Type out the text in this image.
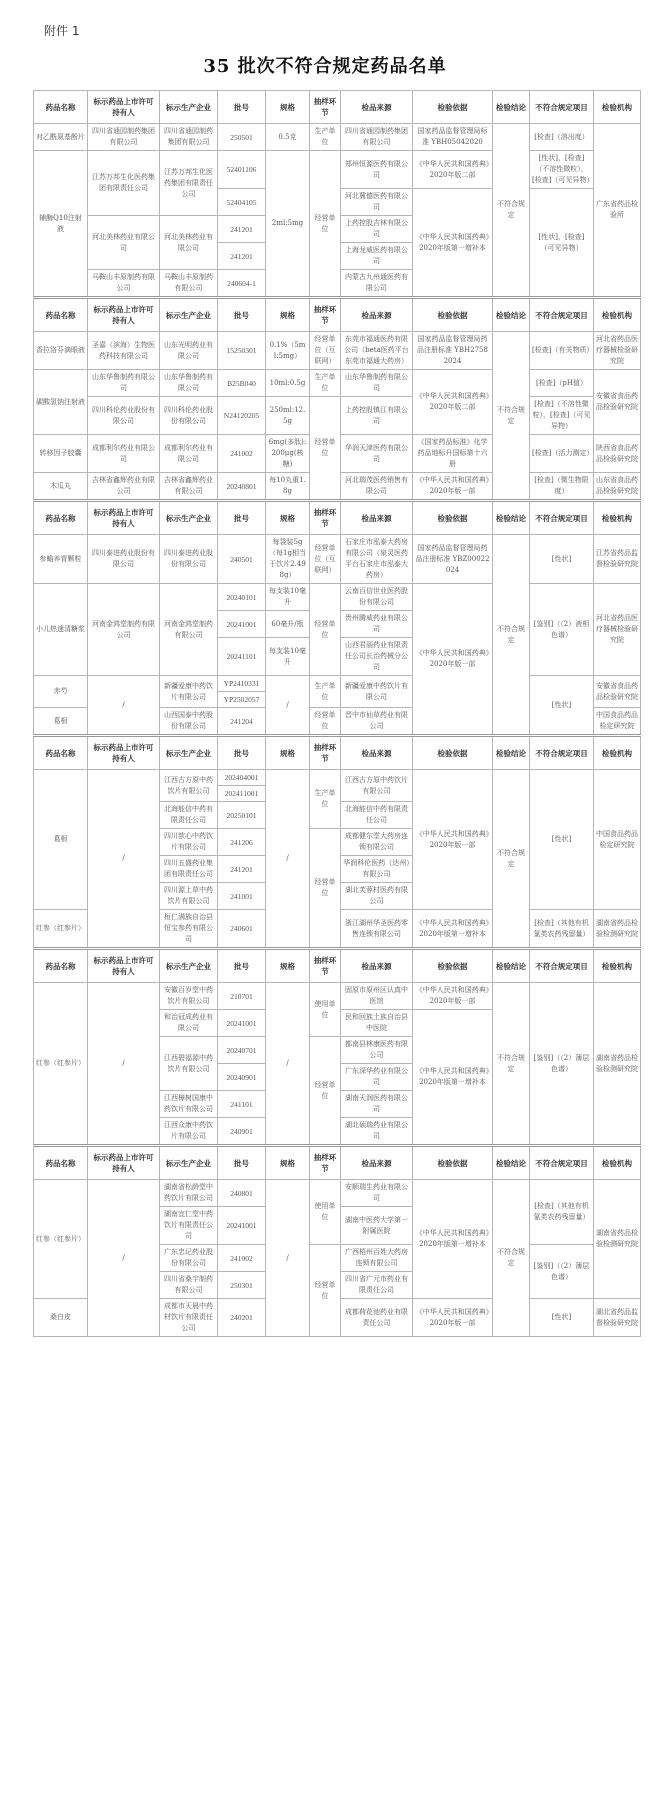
附件 1
35 批次不符合规定药品名单
药品名称	标示药品上市许可持有人	标示生产企业	批号	规格	抽样环节	检品来源	检验依据	检验结论	不符合规定项目	检验机构
对乙酰氨基酚片	四川省通园制药集团有限公司	四川省通园制药集团有限公司	250501	0.5克	生产单位	四川省通园制药集团有限公司	国家药品监督管理局标准 YBH05042020	不符合规定	[检查]（溶出度）	广东省药品检验所
辅酶Q10注射液	江苏万邦生化医药集团有限责任公司	江苏万邦生化医药集团有限责任公司	52401106	2ml:5mg	经营单位	郑州恒源医药有限公司	《中华人民共和国药典》2020年版二部		[性状]，[检查]（不溶性微粒），[检查]（可见异物）	
			52404105			河北冀德医药有限公司	《中华人民共和国药典》2020年版第一增补本		[性状]，[检查]（可见异物）	
	河北美林药业有限公司	河北美林药业有限公司	241201			上药控股吉林有限公司				
			241201			上海龙威医药有限公司				
	马鞍山丰原制药有限公司	马鞍山丰原制药有限公司	240604-1			内蒙古九州通医药有限公司				
药品名称	标示药品上市许可持有人	标示生产企业	批号	规格	抽样环节	检品来源	检验依据	检验结论	不符合规定项目	检验机构
香拉洛芬滴眼液	圣嘉（滨海）生物医药科技有限公司	山东光明药业有限公司	15250301	0.1%（5ml:5mg）	经营单位（互联网）	东莞市福通医药有限公司（beta医药平台东莞市福通大药房）	国家药品监督管理局药品注册标准 YBH27582024	不符合规定	[检查]（有关物质）	河北省药品医疗器械检验研究院
碳酸氢钠注射液	山东华鲁制药有限公司	山东华鲁制药有限公司	B25B040	10ml:0.5g	生产单位	山东华鲁制药有限公司	《中华人民共和国药典》2020年版二部		[检查]（pH值）	安徽省食品药品检验研究院
	四川科伦药业股份有限公司	四川科伦药业股份有限公司	N24120205	250ml:12.5g	经营单位	上药控股镇江有限公司			[检查]（不溶性微粒），[检查]（可见异物）	
转移因子胶囊	成都利尔药业有限公司	成都利尔药业有限公司	241002	6mg(多肽):200μg(核糖)		华润天津医药有限公司	《国家药品标准》化学药品地标升国标第十六册		[检查]（活力测定）	陕西省食品药品检验研究院
木瓜丸	吉林省鑫辉药业有限公司	吉林省鑫辉药业有限公司	20240801	每10丸重1.8g		河北瑞茂医药销售有限公司	《中华人民共和国药典》2020年版一部		[检查]（微生物限度）	山东省食品药品检验研究院
药品名称	标示药品上市许可持有人	标示生产企业	批号	规格	抽样环节	检品来源	检验依据	检验结论	不符合规定项目	检验机构
参蟾养胃颗粒	四川泰进药业股份有限公司	四川泰进药业股份有限公司	240501	每袋装5g（每1g相当于饮片2.498g）	经营单位（互联网）	石家庄市泓泰大药房有限公司（泉灵医药平台石家庄市泓泰大药房）	国家药品监督管理局药品注册标准 YBZ00022024	不符合规定	[性状]	江苏省药品监督检验研究院
小儿热速清糖浆	河南金鸿堂制药有限公司	河南金鸿堂制药有限公司	20240101	每支装10毫升	经营单位	云南百信世业医药股份有限公司	《中华人民共和国药典》2020年版一部		[鉴别]（（2）液相色谱）	河北省药品医疗器械检验研究院
			20241001	60毫升/瓶		贵州腾威药业有限公司				
			20241101	每支装10毫升		山西君丽药业有限责任公司长治药械分公司				
赤芍	/	新疆爱康中药饮片有限公司	YP2410331	/	生产单位	新疆爱康中药饮片有限公司			[性状]	安徽省食品药品检验研究院
			YP2502057							
葛根		山西国泰中药股份有限公司	241204		经营单位	晋中市仙草药业有限公司				中国食品药品检定研究院
药品名称	标示药品上市许可持有人	标示生产企业	批号	规格	抽样环节	检品来源	检验依据	检验结论	不符合规定项目	检验机构
葛根	/	江西古方原中药饮片有限公司	202404001	/	生产单位	江西古方原中药饮片有限公司	《中华人民共和国药典》2020年版一部	不符合规定	[性状]	中国食品药品检定研究院
			202411001							
		北海能信中药有限责任公司	20250101			北海能信中药有限责任公司				
		四川歆心中药饮片有限公司	241206		经营单位	成都健尔堂大药房连锁有限公司				
		四川五盛药业集团有限责任公司	241201			华润科伦医药（达州）有限公司				
		四川源上草中药饮片有限公司	241001			湖北芙蓉村医药有限公司				
红参（红参片）		桓仁满族自治县恒宝参药有限公司	240601			浙江湖州华圣医药零售连锁有限公司	《中华人民共和国药典》2020年版第一增补本		[检查]（其他有机氯类农药残留量）	湖南省药品检验检测研究院
药品名称	标示药品上市许可持有人	标示生产企业	批号	规格	抽样环节	检品来源	检验依据	检验结论	不符合规定项目	检验机构
红参（红参片）	/	安徽百岁堂中药饮片有限公司	210701	/	使用单位	固原市原州区认真中医馆	《中华人民共和国药典》2020年版一部	不符合规定	[鉴别]（（2）薄层色谱）	湖南省药品检验检测研究院
		和治冠成药业有限公司	20241001			民和回族土族自治县中医院	《中华人民共和国药典》2020年版第一增补本			
		江西碧福源中药饮片有限公司	20240701		经营单位	都南县林康医药有限公司				
			20240901			广东深华药业有限公司				
		江西樟树国康中药饮片有限公司	241101			湖南天润医药有限公司				
		江西众康中药饮片有限公司	240901			湖北硕瑞药业有限公司				
药品名称	标示药品上市许可持有人	标示生产企业	批号	规格	抽样环节	检品来源	检验依据	检验结论	不符合规定项目	检验机构
红参（红参片）	/	湖南省松龄堂中药饮片有限公司	240801	/	使用单位	安顺瑞生药业有限公司	《中华人民共和国药典》2020年版第一增补本	不符合规定	[检查]（其他有机氯类农药残留量）	湖南省药品检验检测研究院
		湖南宜仁堂中药饮片有限责任公司	20241001			湖南中医药大学第一附属医院				
		广东忠记药业股份有限公司	241002		经营单位	广西梧州百姓大药房连锁有限公司			[鉴别]（（2）薄层色谱）	
		四川省桑宇制药有限公司	250301			四川省广元市药业有限责任公司				
桑白皮		成都市天晨中药材饮片有限责任公司	240201			成都荷花池药业有限责任公司	《中华人民共和国药典》2020年版一部		[性状]	湖北省药品监督检验研究院
